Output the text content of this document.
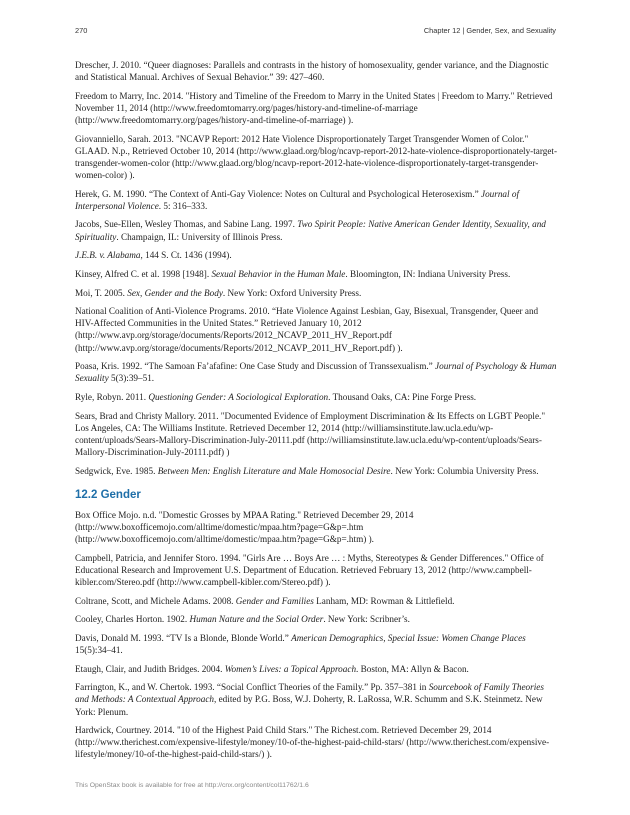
270	Chapter 12 | Gender, Sex, and Sexuality

Drescher, J. 2010. “Queer diagnoses: Parallels and contrasts in the history of homosexuality, gender variance, and the Diagnostic and Statistical Manual. Archives of Sexual Behavior.” 39: 427–460.

Freedom to Marry, Inc. 2014. "History and Timeline of the Freedom to Marry in the United States | Freedom to Marry." Retrieved November 11, 2014 (http://www.freedomtomarry.org/pages/history-and-timeline-of-marriage (http://www.freedomtomarry.org/pages/history-and-timeline-of-marriage) ).

Giovanniello, Sarah. 2013. "NCAVP Report: 2012 Hate Violence Disproportionately Target Transgender Women of Color." GLAAD. N.p., Retrieved October 10, 2014 (http://www.glaad.org/blog/ncavp-report-2012-hate-violence-disproportionately-target-transgender-women-color (http://www.glaad.org/blog/ncavp-report-2012-hate-violence-disproportionately-target-transgender-women-color) ).

Herek, G. M. 1990. “The Context of Anti-Gay Violence: Notes on Cultural and Psychological Heterosexism.” Journal of Interpersonal Violence. 5: 316–333.

Jacobs, Sue-Ellen, Wesley Thomas, and Sabine Lang. 1997. Two Spirit People: Native American Gender Identity, Sexuality, and Spirituality. Champaign, IL: University of Illinois Press.

J.E.B. v. Alabama, 144 S. Ct. 1436 (1994).

Kinsey, Alfred C. et al. 1998 [1948]. Sexual Behavior in the Human Male. Bloomington, IN: Indiana University Press.

Moi, T. 2005. Sex, Gender and the Body. New York: Oxford University Press.

National Coalition of Anti-Violence Programs. 2010. “Hate Violence Against Lesbian, Gay, Bisexual, Transgender, Queer and HIV-Affected Communities in the United States.” Retrieved January 10, 2012 (http://www.avp.org/storage/documents/Reports/2012_NCAVP_2011_HV_Report.pdf (http://www.avp.org/storage/documents/Reports/2012_NCAVP_2011_HV_Report.pdf) ).

Poasa, Kris. 1992. “The Samoan Fa’afafine: One Case Study and Discussion of Transsexualism.” Journal of Psychology & Human Sexuality 5(3):39–51.

Ryle, Robyn. 2011. Questioning Gender: A Sociological Exploration. Thousand Oaks, CA: Pine Forge Press.

Sears, Brad and Christy Mallory. 2011. "Documented Evidence of Employment Discrimination & Its Effects on LGBT People." Los Angeles, CA: The Williams Institute. Retrieved December 12, 2014 (http://williamsinstitute.law.ucla.edu/wp-content/uploads/Sears-Mallory-Discrimination-July-20111.pdf (http://williamsinstitute.law.ucla.edu/wp-content/uploads/Sears-Mallory-Discrimination-July-20111.pdf) )

Sedgwick, Eve. 1985. Between Men: English Literature and Male Homosocial Desire. New York: Columbia University Press.

12.2 Gender

Box Office Mojo. n.d. "Domestic Grosses by MPAA Rating." Retrieved December 29, 2014 (http://www.boxofficemojo.com/alltime/domestic/mpaa.htm?page=G&p=.htm (http://www.boxofficemojo.com/alltime/domestic/mpaa.htm?page=G&p=.htm) ).

Campbell, Patricia, and Jennifer Storo. 1994. "Girls Are … Boys Are … : Myths, Stereotypes & Gender Differences." Office of Educational Research and Improvement U.S. Department of Education. Retrieved February 13, 2012 (http://www.campbell-kibler.com/Stereo.pdf (http://www.campbell-kibler.com/Stereo.pdf) ).

Coltrane, Scott, and Michele Adams. 2008. Gender and Families Lanham, MD: Rowman & Littlefield.

Cooley, Charles Horton. 1902. Human Nature and the Social Order. New York: Scribner’s.

Davis, Donald M. 1993. “TV Is a Blonde, Blonde World.” American Demographics, Special Issue: Women Change Places 15(5):34–41.

Etaugh, Clair, and Judith Bridges. 2004. Women’s Lives: a Topical Approach. Boston, MA: Allyn & Bacon.

Farrington, K., and W. Chertok. 1993. “Social Conflict Theories of the Family.” Pp. 357–381 in Sourcebook of Family Theories and Methods: A Contextual Approach, edited by P.G. Boss, W.J. Doherty, R. LaRossa, W.R. Schumm and S.K. Steinmetz. New York: Plenum.

Hardwick, Courtney. 2014. "10 of the Highest Paid Child Stars." The Richest.com. Retrieved December 29, 2014 (http://www.therichest.com/expensive-lifestyle/money/10-of-the-highest-paid-child-stars/ (http://www.therichest.com/expensive-lifestyle/money/10-of-the-highest-paid-child-stars/) ).

This OpenStax book is available for free at http://cnx.org/content/col11762/1.6
